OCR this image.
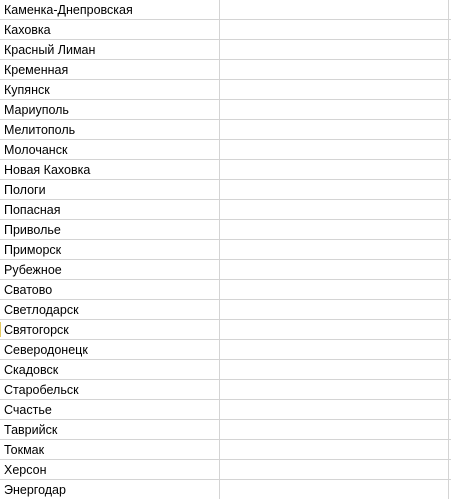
Каменка-Днепровская
Каховка
Красный Лиман
Кременная
Купянск
Мариуполь
Мелитополь
Молочанск
Новая Каховка
Пологи
Попасная
Приволье
Приморск
Рубежное
Сватово
Светлодарск
Святогорск
Северодонецк
Скадовск
Старобельск
Счастье
Таврийск
Токмак
Херсон
Энергодар
